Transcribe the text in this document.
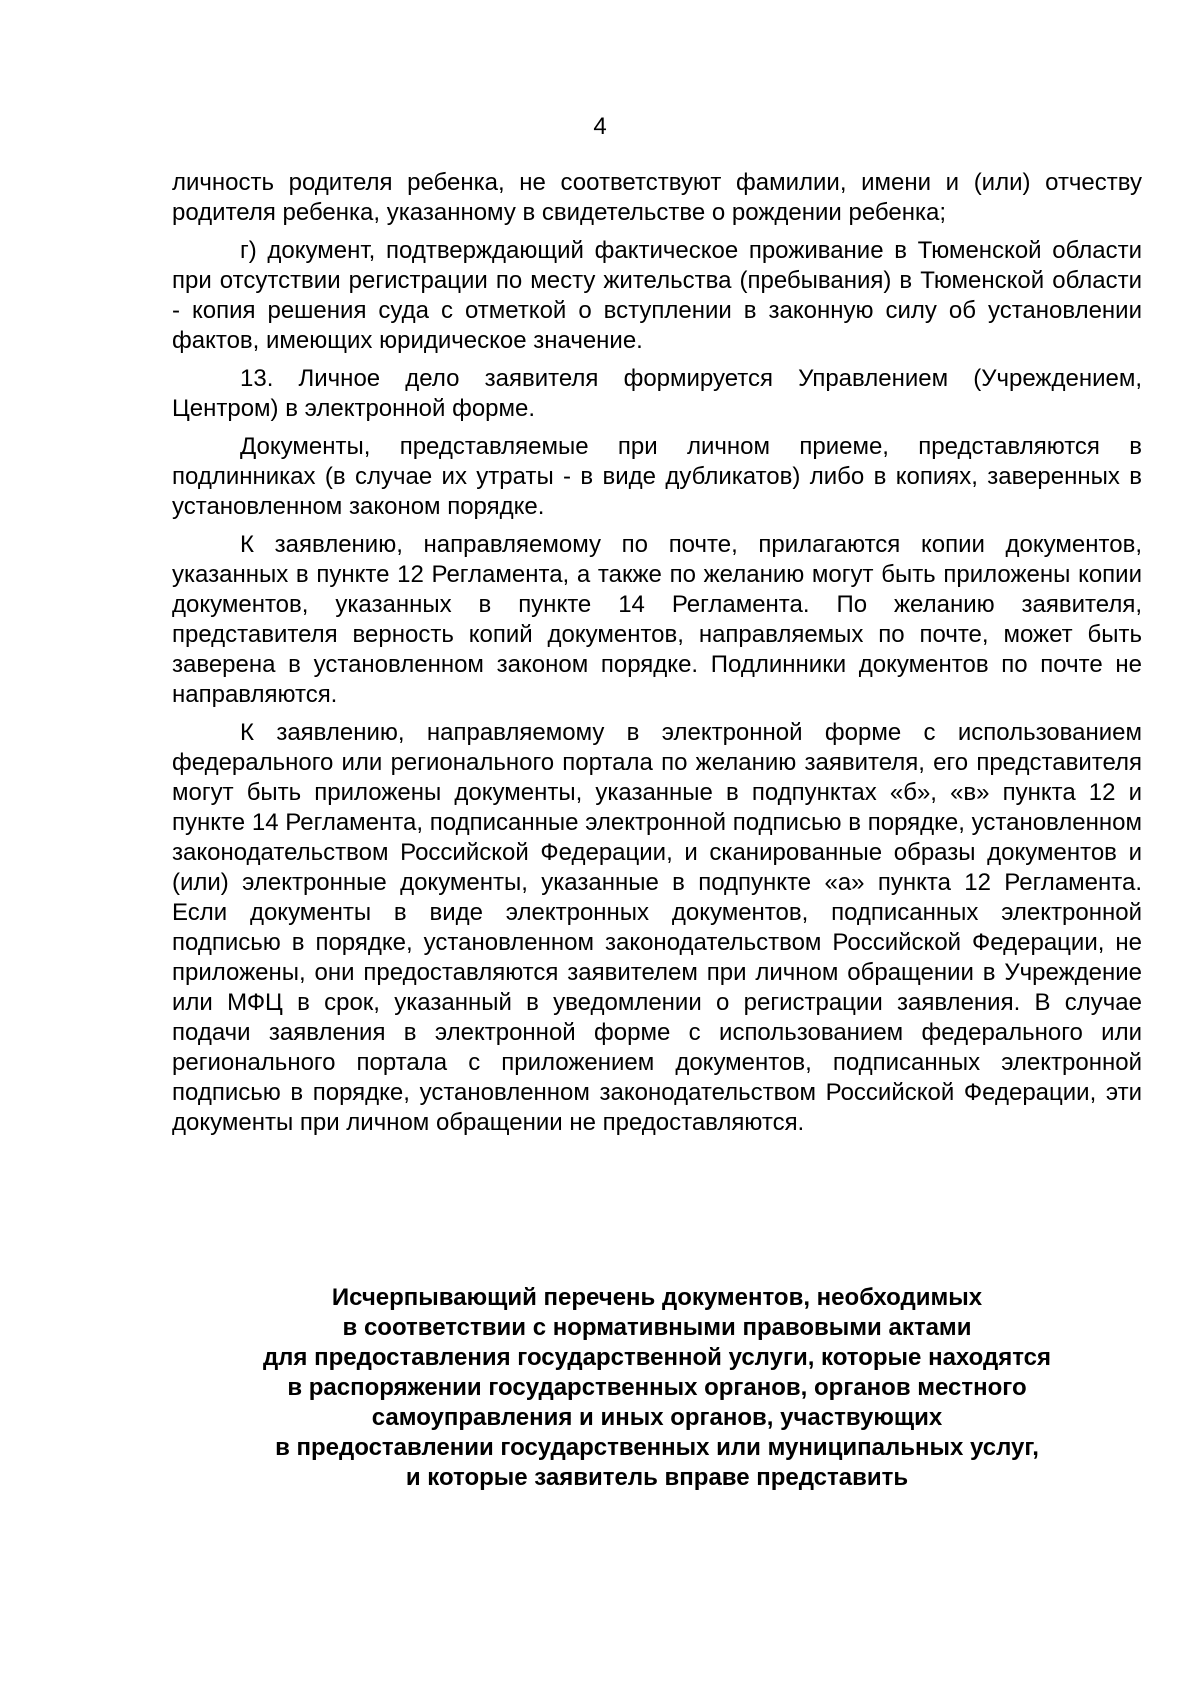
4

личность родителя ребенка, не соответствуют фамилии, имени и (или) отчеству родителя ребенка, указанному в свидетельстве о рождении ребенка;

г) документ, подтверждающий фактическое проживание в Тюменской области при отсутствии регистрации по месту жительства (пребывания) в Тюменской области - копия решения суда с отметкой о вступлении в законную силу об установлении фактов, имеющих юридическое значение.

13. Личное дело заявителя формируется Управлением (Учреждением, Центром) в электронной форме.

Документы, представляемые при личном приеме, представляются в подлинниках (в случае их утраты - в виде дубликатов) либо в копиях, заверенных в установленном законом порядке.

К заявлению, направляемому по почте, прилагаются копии документов, указанных в пункте 12 Регламента, а также по желанию могут быть приложены копии документов, указанных в пункте 14 Регламента. По желанию заявителя, представителя верность копий документов, направляемых по почте, может быть заверена в установленном законом порядке. Подлинники документов по почте не направляются.

К заявлению, направляемому в электронной форме с использованием федерального или регионального портала по желанию заявителя, его представителя могут быть приложены документы, указанные в подпунктах «б», «в» пункта 12 и пункте 14 Регламента, подписанные электронной подписью в порядке, установленном законодательством Российской Федерации, и сканированные образы документов и (или) электронные документы, указанные в подпункте «а» пункта 12 Регламента. Если документы в виде электронных документов, подписанных электронной подписью в порядке, установленном законодательством Российской Федерации, не приложены, они предоставляются заявителем при личном обращении в Учреждение или МФЦ в срок, указанный в уведомлении о регистрации заявления. В случае подачи заявления в электронной форме с использованием федерального или регионального портала с приложением документов, подписанных электронной подписью в порядке, установленном законодательством Российской Федерации, эти документы при личном обращении не предоставляются.

Исчерпывающий перечень документов, необходимых
в соответствии с нормативными правовыми актами
для предоставления государственной услуги, которые находятся
в распоряжении государственных органов, органов местного
самоуправления и иных органов, участвующих
в предоставлении государственных или муниципальных услуг,
и которые заявитель вправе представить
